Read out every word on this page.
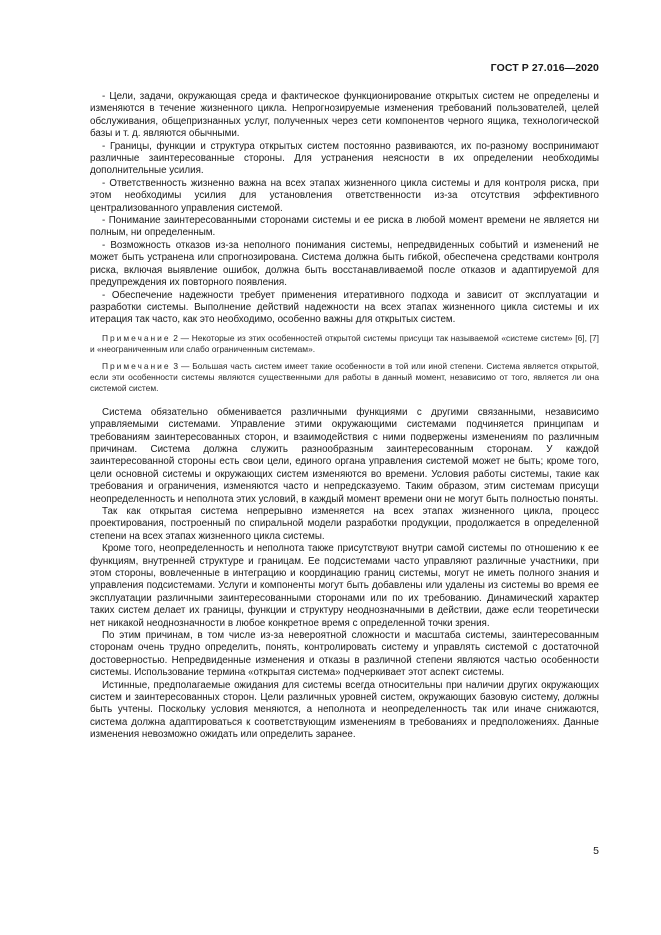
ГОСТ Р 27.016—2020

- Цели, задачи, окружающая среда и фактическое функционирование открытых систем не определены и изменяются в течение жизненного цикла. Непрогнозируемые изменения требований пользователей, целей обслуживания, общепризнанных услуг, полученных через сети компонентов черного ящика, технологической базы и т. д. являются обычными.

- Границы, функции и структура открытых систем постоянно развиваются, их по-разному воспринимают различные заинтересованные стороны. Для устранения неясности в их определении необходимы дополнительные усилия.

- Ответственность жизненно важна на всех этапах жизненного цикла системы и для контроля риска, при этом необходимы усилия для установления ответственности из-за отсутствия эффективного централизованного управления системой.

- Понимание заинтересованными сторонами системы и ее риска в любой момент времени не является ни полным, ни определенным.

- Возможность отказов из-за неполного понимания системы, непредвиденных событий и изменений не может быть устранена или спрогнозирована. Система должна быть гибкой, обеспечена средствами контроля риска, включая выявление ошибок, должна быть восстанавливаемой после отказов и адаптируемой для предупреждения их повторного появления.

- Обеспечение надежности требует применения итеративного подхода и зависит от эксплуатации и разработки системы. Выполнение действий надежности на всех этапах жизненного цикла системы и их итерация так часто, как это необходимо, особенно важны для открытых систем.

Примечание 2 — Некоторые из этих особенностей открытой системы присущи так называемой «системе систем» [6], [7] и «неограниченным или слабо ограниченным системам».

Примечание 3 — Большая часть систем имеет такие особенности в той или иной степени. Система является открытой, если эти особенности системы являются существенными для работы в данный момент, независимо от того, является ли она системой систем.

Система обязательно обменивается различными функциями с другими связанными, независимо управляемыми системами. Управление этими окружающими системами подчиняется принципам и требованиям заинтересованных сторон, и взаимодействия с ними подвержены изменениям по различным причинам. Система должна служить разнообразным заинтересованным сторонам. У каждой заинтересованной стороны есть свои цели, единого органа управления системой может не быть; кроме того, цели основной системы и окружающих систем изменяются во времени. Условия работы системы, такие как требования и ограничения, изменяются часто и непредсказуемо. Таким образом, этим системам присущи неопределенность и неполнота этих условий, в каждый момент времени они не могут быть полностью поняты.

Так как открытая система непрерывно изменяется на всех этапах жизненного цикла, процесс проектирования, построенный по спиральной модели разработки продукции, продолжается в определенной степени на всех этапах жизненного цикла системы.

Кроме того, неопределенность и неполнота также присутствуют внутри самой системы по отношению к ее функциям, внутренней структуре и границам. Ее подсистемами часто управляют различные участники, при этом стороны, вовлеченные в интеграцию и координацию границ системы, могут не иметь полного знания и управления подсистемами. Услуги и компоненты могут быть добавлены или удалены из системы во время ее эксплуатации различными заинтересованными сторонами или по их требованию. Динамический характер таких систем делает их границы, функции и структуру неоднозначными в действии, даже если теоретически нет никакой неоднозначности в любое конкретное время с определенной точки зрения.

По этим причинам, в том числе из-за невероятной сложности и масштаба системы, заинтересованным сторонам очень трудно определить, понять, контролировать систему и управлять системой с достаточной достоверностью. Непредвиденные изменения и отказы в различной степени являются частью особенности системы. Использование термина «открытая система» подчеркивает этот аспект системы.

Истинные, предполагаемые ожидания для системы всегда относительны при наличии других окружающих систем и заинтересованных сторон. Цели различных уровней систем, окружающих базовую систему, должны быть учтены. Поскольку условия меняются, а неполнота и неопределенность так или иначе снижаются, система должна адаптироваться к соответствующим изменениям в требованиях и предположениях. Данные изменения невозможно ожидать или определить заранее.

5
